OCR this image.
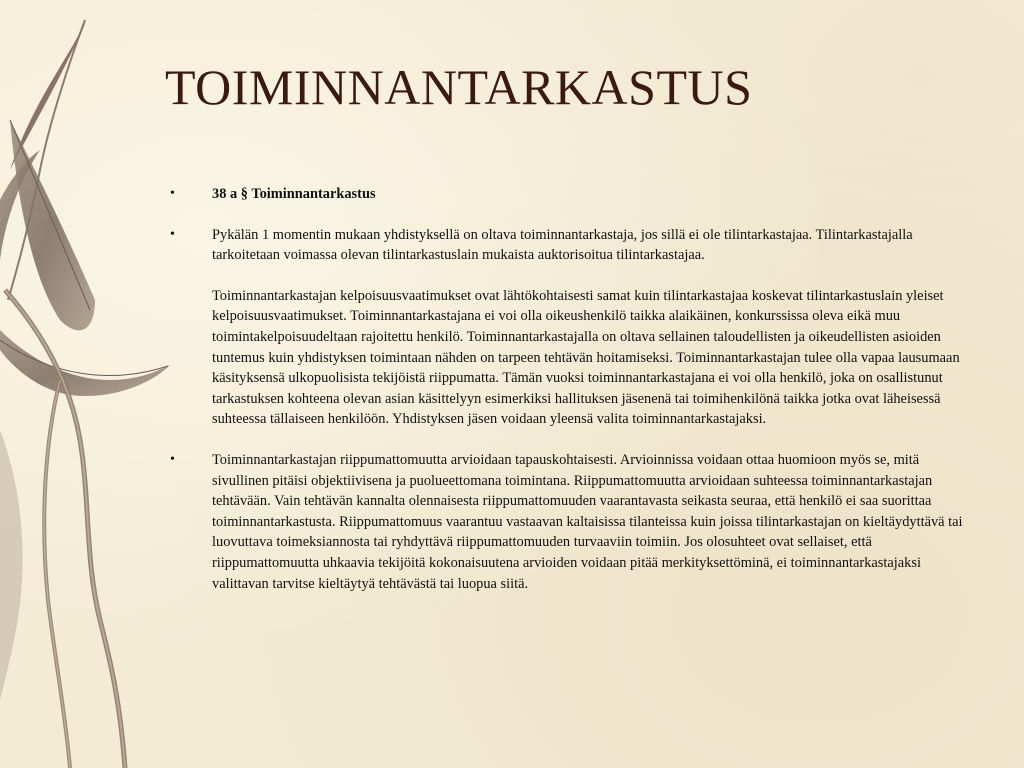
TOIMINNANTARKASTUS
•	38 a § Toiminnantarkastus

•	Pykälän 1 momentin mukaan yhdistyksellä on oltava toiminnantarkastaja, jos sillä ei ole tilintarkastajaa. Tilintarkastajalla tarkoitetaan voimassa olevan tilintarkastuslain mukaista auktorisoitua tilintarkastajaa.

Toiminnantarkastajan kelpoisuusvaatimukset ovat lähtökohtaisesti samat kuin tilintarkastajaa koskevat tilintarkastuslain yleiset kelpoisuusvaatimukset. Toiminnantarkastajana ei voi olla oikeushenkilö taikka alaikäinen, konkurssissa oleva eikä muu toimintakelpoisuudeltaan rajoitettu henkilö. Toiminnantarkastajalla on oltava sellainen taloudellisten ja oikeudellisten asioiden tuntemus kuin yhdistyksen toimintaan nähden on tarpeen tehtävän hoitamiseksi. Toiminnantarkastajan tulee olla vapaa lausumaan käsityksensä ulkopuolisista tekijöistä riippumatta. Tämän vuoksi toiminnantarkastajana ei voi olla henkilö, joka on osallistunut tarkastuksen kohteena olevan asian käsittelyyn esimerkiksi hallituksen jäsenenä tai toimihenkilönä taikka jotka ovat läheisessä suhteessa tällaiseen henkilöön. Yhdistyksen jäsen voidaan yleensä valita toiminnantarkastajaksi.

•	Toiminnantarkastajan riippumattomuutta arvioidaan tapauskohtaisesti. Arvioinnissa voidaan ottaa huomioon myös se, mitä sivullinen pitäisi objektiivisena ja puolueettomana toimintana. Riippumattomuutta arvioidaan suhteessa toiminnantarkastajan tehtävään. Vain tehtävän kannalta olennaisesta riippumattomuuden vaarantavasta seikasta seuraa, että henkilö ei saa suorittaa toiminnantarkastusta. Riippumattomuus vaarantuu vastaavan kaltaisissa tilanteissa kuin joissa tilintarkastajan on kieltäydyttävä tai luovuttava toimeksiannosta tai ryhdyttävä riippumattomuuden turvaaviin toimiin. Jos olosuhteet ovat sellaiset, että riippumattomuutta uhkaavia tekijöitä kokonaisuutena arvioiden voidaan pitää merkityksettöminä, ei toiminnantarkastajaksi valittavan tarvitse kieltäytyä tehtävästä tai luopua siitä.
